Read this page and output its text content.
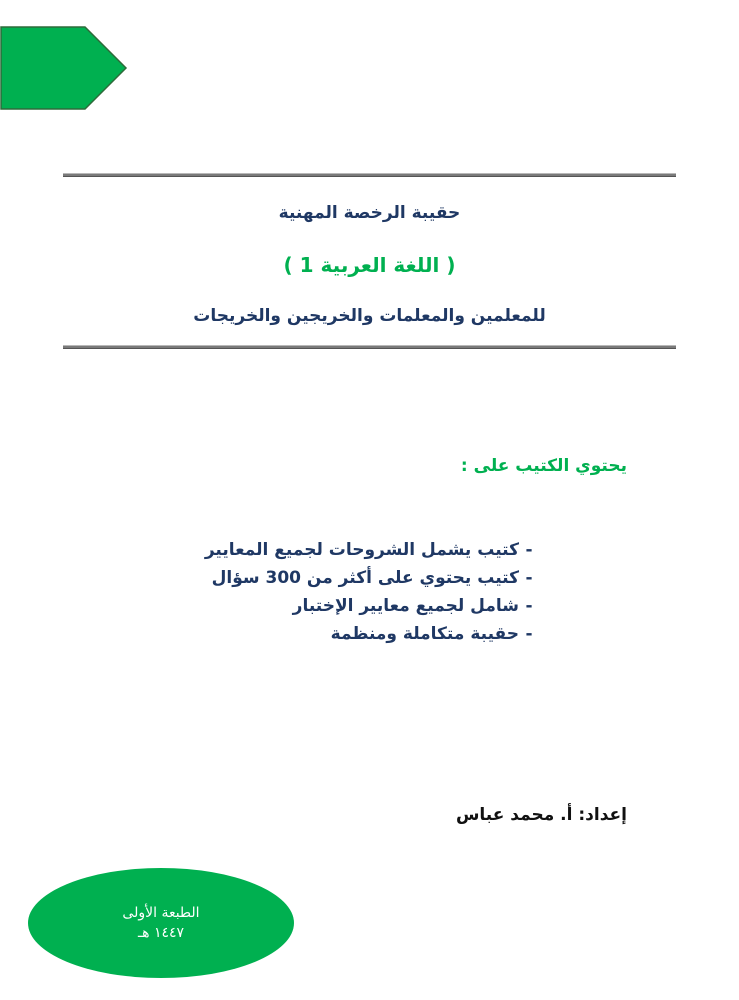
حقيبة الرخصة المهنية
( اللغة العربية 1 )
للمعلمين والمعلمات والخريجين والخريجات
يحتوي الكتيب على :
-كتيب يشمل الشروحات لجميع المعايير
-كتيب يحتوي على أكثر من 300 سؤال
-شامل لجميع معايير الإختبار
-حقيبة متكاملة ومنظمة
إعداد: أ. محمد عباس
الطبعة الأولى
١٤٤٧ هـ
